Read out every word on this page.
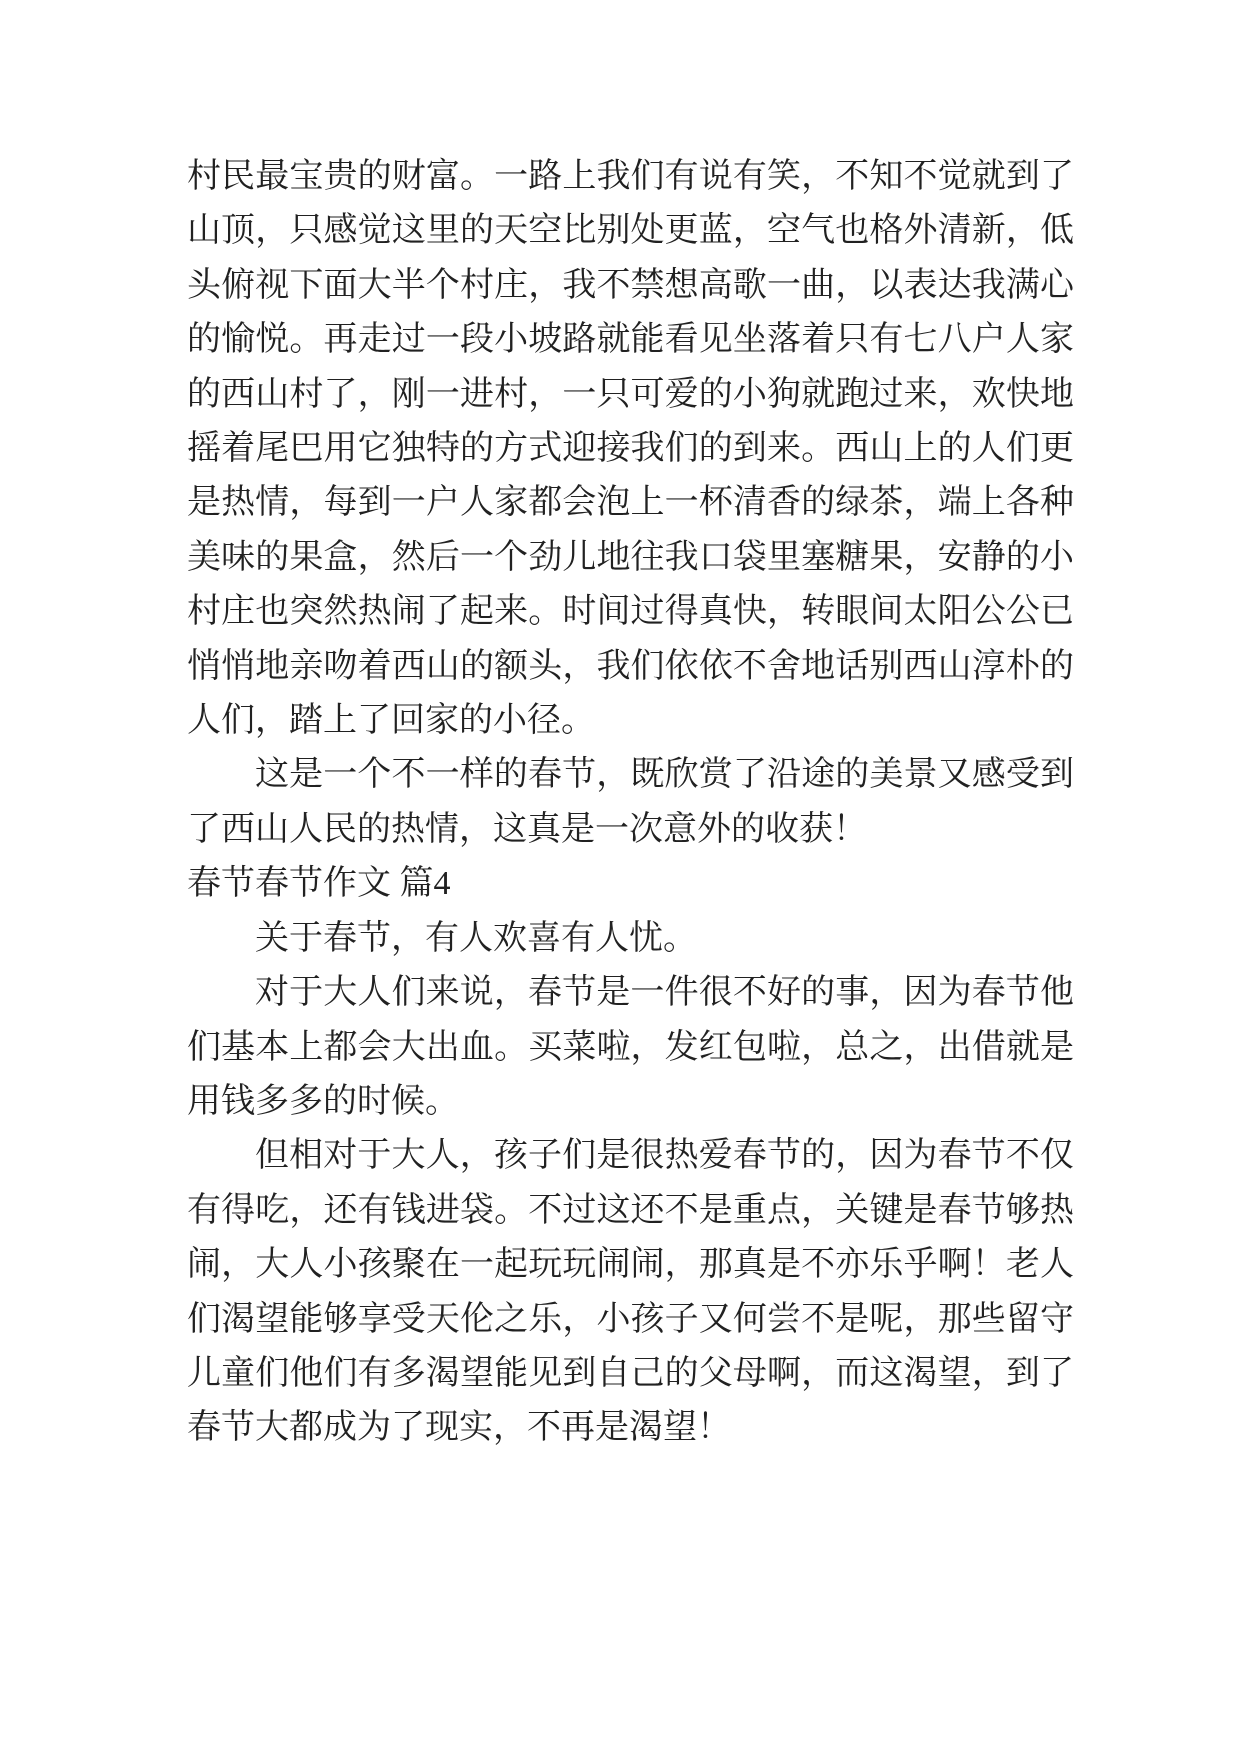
村民最宝贵的财富。一路上我们有说有笑，不知不觉就到了山顶，只感觉这里的天空比别处更蓝，空气也格外清新，低头俯视下面大半个村庄，我不禁想高歌一曲，以表达我满心的愉悦。再走过一段小坡路就能看见坐落着只有七八户人家的西山村了，刚一进村，一只可爱的小狗就跑过来，欢快地摇着尾巴用它独特的方式迎接我们的到来。西山上的人们更是热情，每到一户人家都会泡上一杯清香的绿茶，端上各种美味的果盒，然后一个劲儿地往我口袋里塞糖果，安静的小村庄也突然热闹了起来。时间过得真快，转眼间太阳公公已悄悄地亲吻着西山的额头，我们依依不舍地话别西山淳朴的人们，踏上了回家的小径。

这是一个不一样的春节，既欣赏了沿途的美景又感受到了西山人民的热情，这真是一次意外的收获！

春节春节作文 篇4

关于春节，有人欢喜有人忧。

对于大人们来说，春节是一件很不好的事，因为春节他们基本上都会大出血。买菜啦，发红包啦，总之，出借就是用钱多多的时候。

但相对于大人，孩子们是很热爱春节的，因为春节不仅有得吃，还有钱进袋。不过这还不是重点，关键是春节够热闹，大人小孩聚在一起玩玩闹闹，那真是不亦乐乎啊！老人们渴望能够享受天伦之乐，小孩子又何尝不是呢，那些留守儿童们他们有多渴望能见到自己的父母啊，而这渴望，到了春节大都成为了现实，不再是渴望！
